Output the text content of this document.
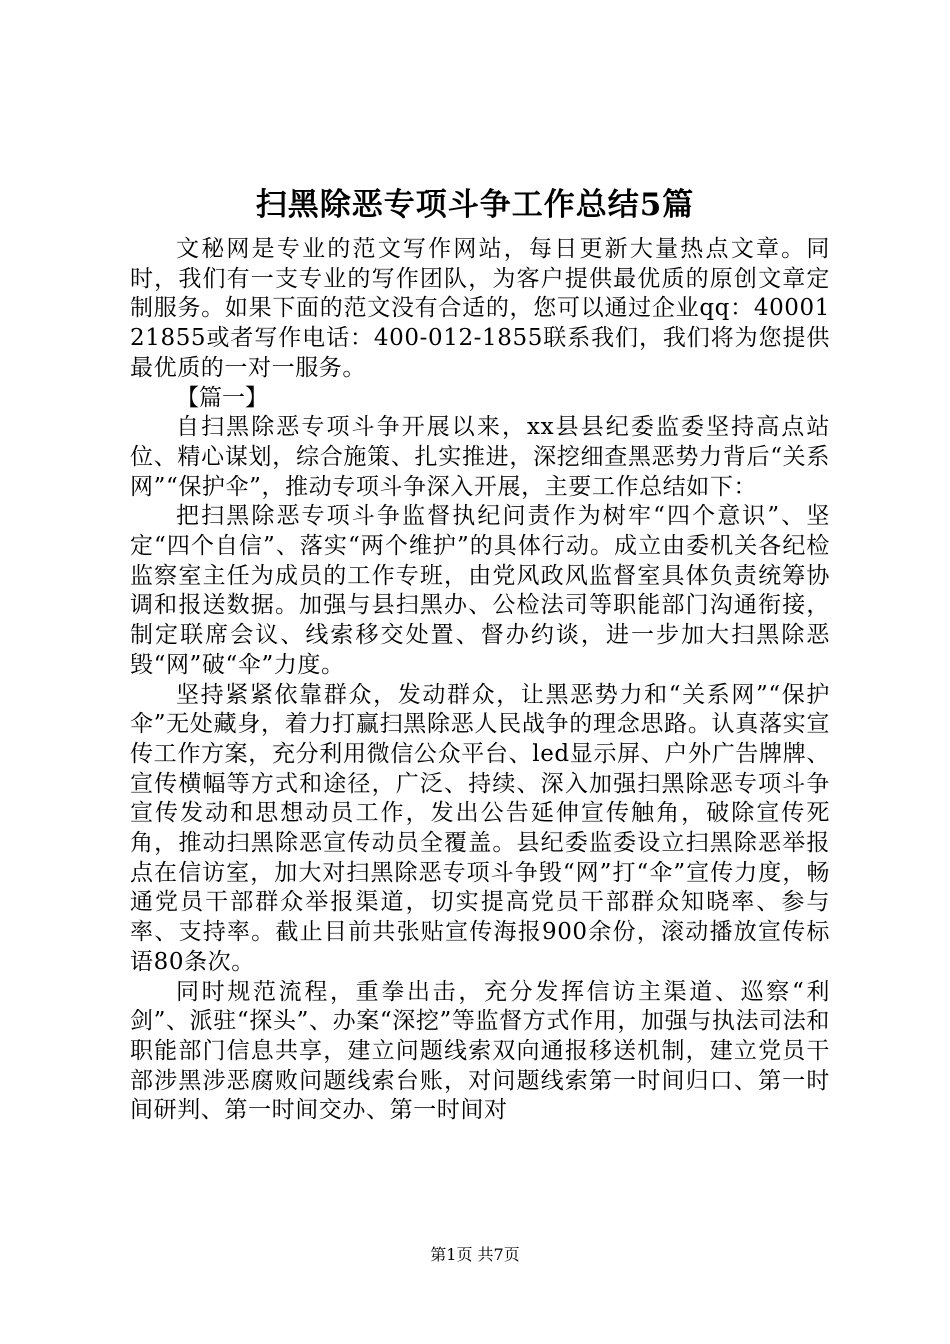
扫黑除恶专项斗争工作总结5篇

文秘网是专业的范文写作网站，每日更新大量热点文章。同时，我们有一支专业的写作团队，为客户提供最优质的原创文章定制服务。如果下面的范文没有合适的，您可以通过企业qq：4000121855或者写作电话：400-012-1855联系我们，我们将为您提供最优质的一对一服务。

【篇一】

自扫黑除恶专项斗争开展以来，xx县县纪委监委坚持高点站位、精心谋划，综合施策、扎实推进，深挖细查黑恶势力背后“关系网”“保护伞”，推动专项斗争深入开展，主要工作总结如下：

把扫黑除恶专项斗争监督执纪问责作为树牢“四个意识”、坚定“四个自信”、落实“两个维护”的具体行动。成立由委机关各纪检监察室主任为成员的工作专班，由党风政风监督室具体负责统筹协调和报送数据。加强与县扫黑办、公检法司等职能部门沟通衔接，制定联席会议、线索移交处置、督办约谈，进一步加大扫黑除恶毁“网”破“伞”力度。

坚持紧紧依靠群众，发动群众，让黑恶势力和“关系网”“保护伞”无处藏身，着力打赢扫黑除恶人民战争的理念思路。认真落实宣传工作方案，充分利用微信公众平台、led显示屏、户外广告牌牌、宣传横幅等方式和途径，广泛、持续、深入加强扫黑除恶专项斗争宣传发动和思想动员工作，发出公告延伸宣传触角，破除宣传死角，推动扫黑除恶宣传动员全覆盖。县纪委监委设立扫黑除恶举报点在信访室，加大对扫黑除恶专项斗争毁“网”打“伞”宣传力度，畅通党员干部群众举报渠道，切实提高党员干部群众知晓率、参与率、支持率。截止目前共张贴宣传海报900余份，滚动播放宣传标语80条次。

同时规范流程，重拳出击，充分发挥信访主渠道、巡察“利剑”、派驻“探头”、办案“深挖”等监督方式作用，加强与执法司法和职能部门信息共享，建立问题线索双向通报移送机制，建立党员干部涉黑涉恶腐败问题线索台账，对问题线索第一时间归口、第一时间研判、第一时间交办、第一时间对

第1页 共7页
